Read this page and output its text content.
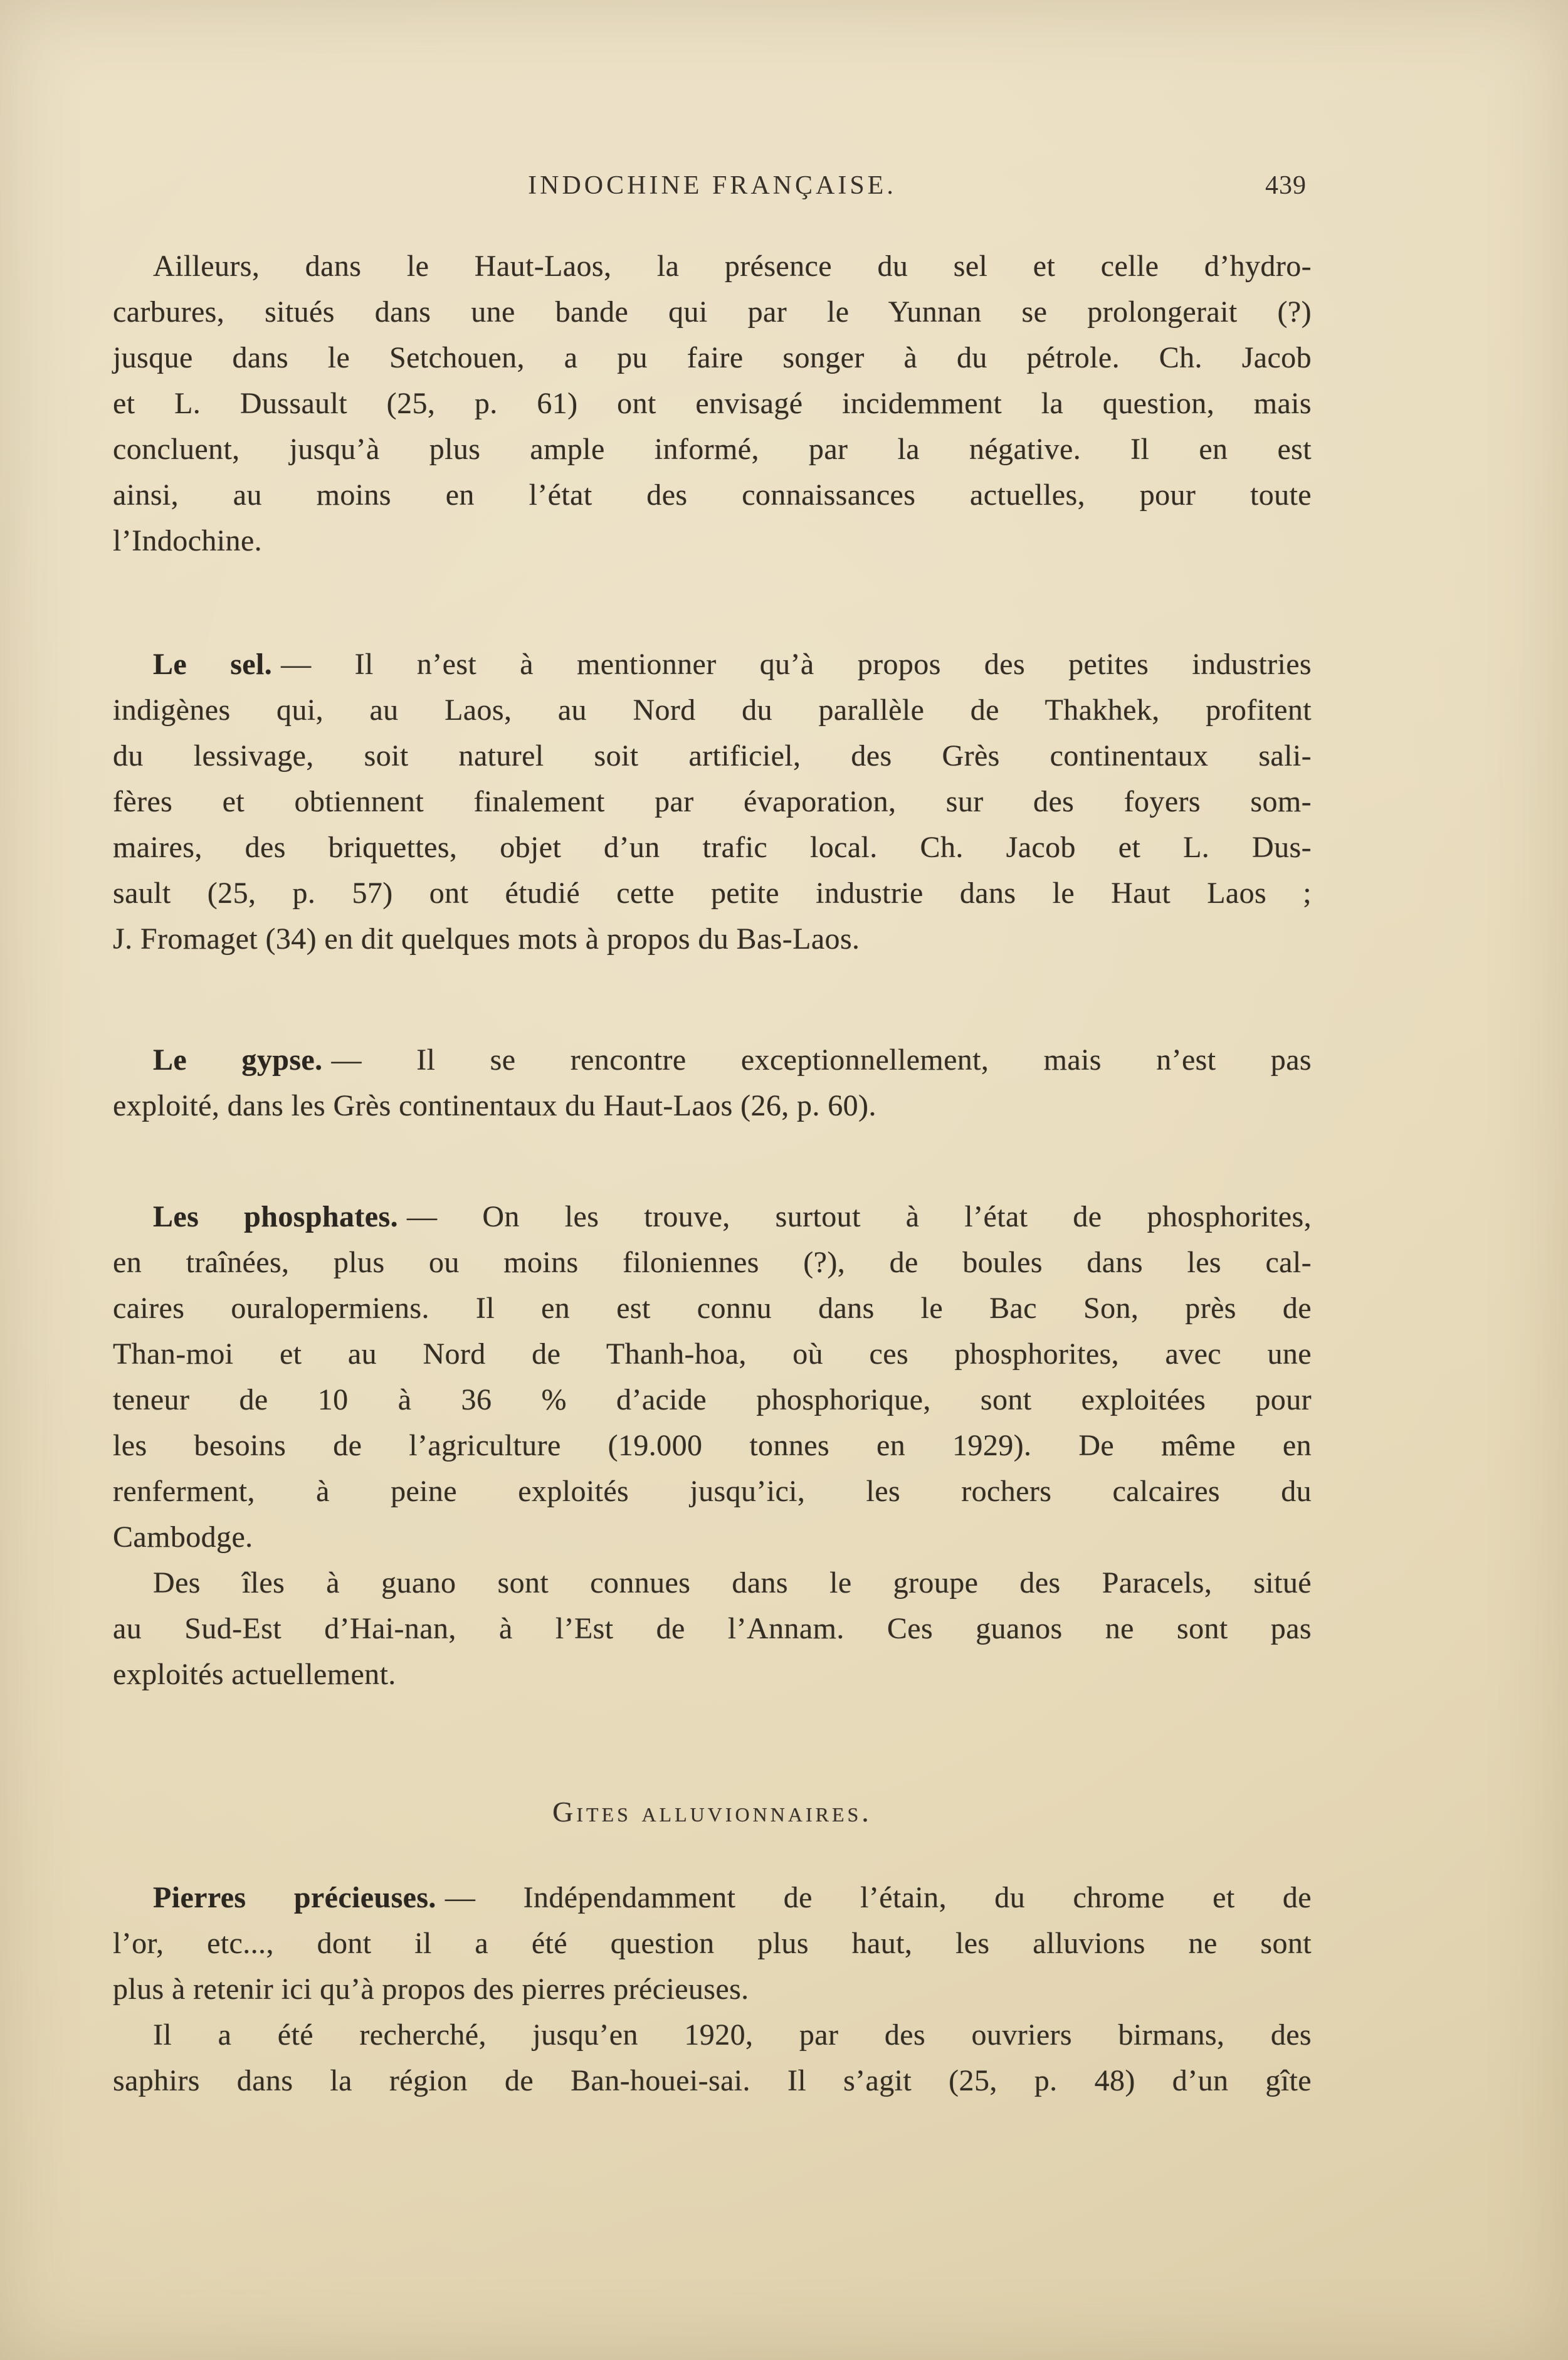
INDOCHINE FRANÇAISE.	439
Ailleurs, dans le Haut-Laos, la présence du sel et celle d’hydro-
carbures, situés dans une bande qui par le Yunnan se prolongerait (?)
jusque dans le Setchouen, a pu faire songer à du pétrole. Ch. Jacob
et L. Dussault (25, p. 61) ont envisagé incidemment la question, mais
concluent, jusqu’à plus ample informé, par la négative. Il en est
ainsi, au moins en l’état des connaissances actuelles, pour toute
l’Indochine.
Le sel. — Il n’est à mentionner qu’à propos des petites industries
indigènes qui, au Laos, au Nord du parallèle de Thakhek, profitent
du lessivage, soit naturel soit artificiel, des Grès continentaux sali-
fères et obtiennent finalement par évaporation, sur des foyers som-
maires, des briquettes, objet d’un trafic local. Ch. Jacob et L. Dus-
sault (25, p. 57) ont étudié cette petite industrie dans le Haut Laos ;
J. Fromaget (34) en dit quelques mots à propos du Bas-Laos.
Le gypse. — Il se rencontre exceptionnellement, mais n’est pas
exploité, dans les Grès continentaux du Haut-Laos (26, p. 60).
Les phosphates. — On les trouve, surtout à l’état de phosphorites,
en traînées, plus ou moins filoniennes (?), de boules dans les cal-
caires ouralopermiens. Il en est connu dans le Bac Son, près de
Than-moi et au Nord de Thanh-hoa, où ces phosphorites, avec une
teneur de 10 à 36 % d’acide phosphorique, sont exploitées pour
les besoins de l’agriculture (19.000 tonnes en 1929). De même en
renferment, à peine exploités jusqu’ici, les rochers calcaires du
Cambodge.
Des îles à guano sont connues dans le groupe des Paracels, situé
au Sud-Est d’Hai-nan, à l’Est de l’Annam. Ces guanos ne sont pas
exploités actuellement.
Gites alluvionnaires.
Pierres précieuses. — Indépendamment de l’étain, du chrome et de
l’or, etc..., dont il a été question plus haut, les alluvions ne sont
plus à retenir ici qu’à propos des pierres précieuses.
Il a été recherché, jusqu’en 1920, par des ouvriers birmans, des
saphirs dans la région de Ban-houei-sai. Il s’agit (25, p. 48) d’un gîte
